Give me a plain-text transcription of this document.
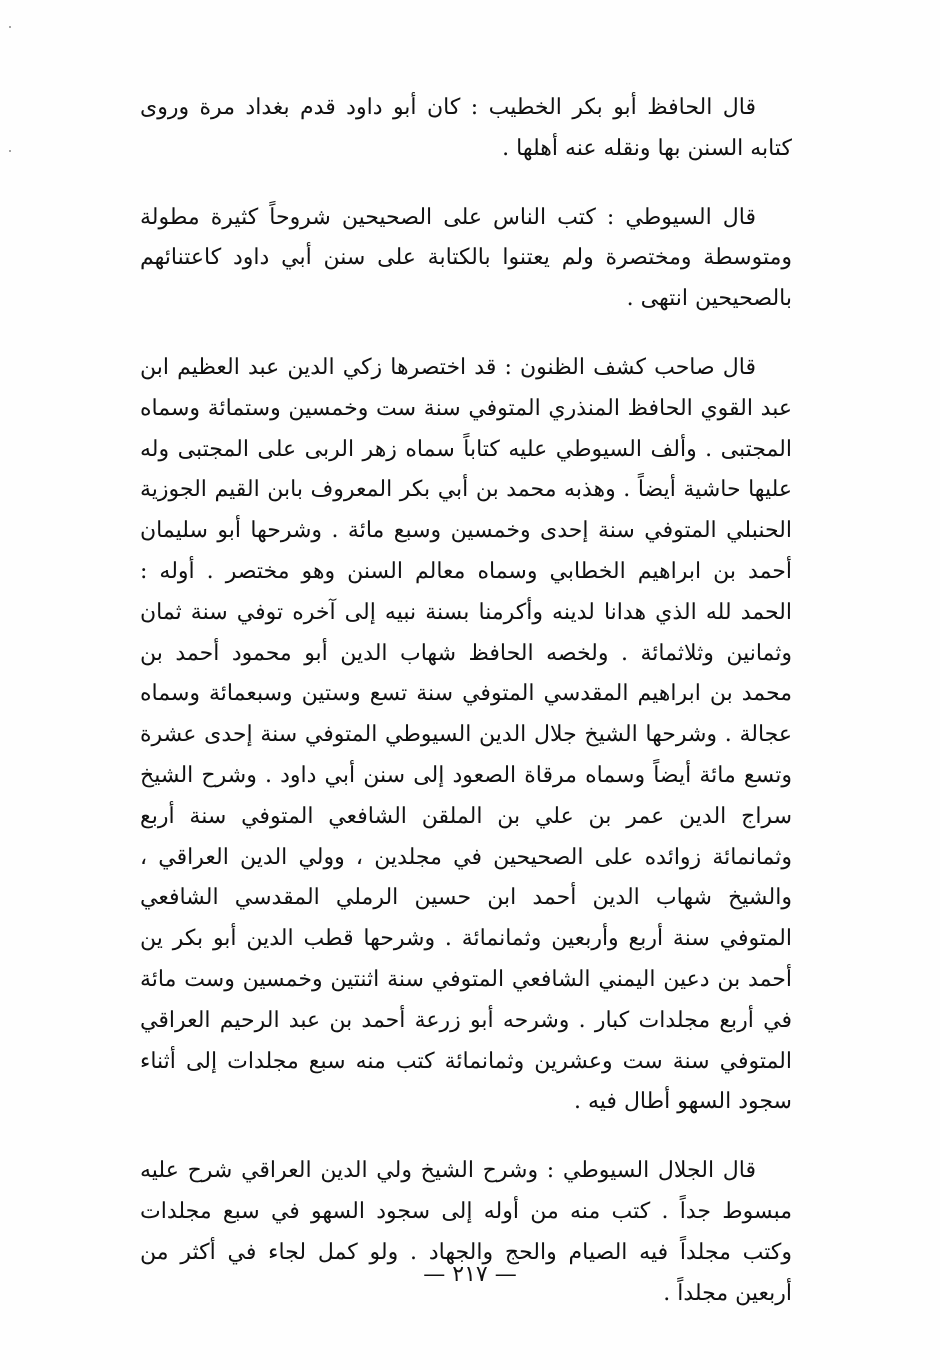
قال الحافظ أبو بكر الخطيب : كان أبو داود قدم بغداد مرة وروى كتابه السنن بها ونقله عنه أهلها .

قال السيوطي : كتب الناس على الصحيحين شروحاً كثيرة مطولة ومتوسطة ومختصرة ولم يعتنوا بالكتابة على سنن أبي داود كاعتنائهم بالصحيحين انتهى .

قال صاحب كشف الظنون : قد اختصرها زكي الدين عبد العظيم ابن عبد القوي الحافظ المنذري المتوفي سنة ست وخمسين وستمائة وسماه المجتبى . وألف السيوطي عليه كتاباً سماه زهر الربى على المجتبى وله عليها حاشية أيضاً . وهذبه محمد بن أبي بكر المعروف بابن القيم الجوزية الحنبلي المتوفي سنة إحدى وخمسين وسبع مائة . وشرحها أبو سليمان أحمد بن ابراهيم الخطابي وسماه معالم السنن وهو مختصر . أوله : الحمد لله الذي هدانا لدينه وأكرمنا بسنة نبيه إلى آخره توفي سنة ثمان وثمانين وثلاثمائة . ولخصه الحافظ شهاب الدين أبو محمود أحمد بن محمد بن ابراهيم المقدسي المتوفي سنة تسع وستين وسبعمائة وسماه عجالة . وشرحها الشيخ جلال الدين السيوطي المتوفي سنة إحدى عشرة وتسع مائة أيضاً وسماه مرقاة الصعود إلى سنن أبي داود . وشرح الشيخ سراج الدين عمر بن علي بن الملقن الشافعي المتوفي سنة أربع وثمانمائة زوائده على الصحيحين في مجلدين ، وولي الدين العراقي ، والشيخ شهاب الدين أحمد ابن حسين الرملي المقدسي الشافعي المتوفي سنة أربع وأربعين وثمانمائة . وشرحها قطب الدين أبو بكر ين أحمد بن دعين اليمني الشافعي المتوفي سنة اثنتين وخمسين وست مائة في أربع مجلدات كبار . وشرحه أبو زرعة أحمد بن عبد الرحيم العراقي المتوفي سنة ست وعشرين وثمانمائة كتب منه سبع مجلدات إلى أثناء سجود السهو أطال فيه .

قال الجلال السيوطي : وشرح الشيخ ولي الدين العراقي شرح عليه مبسوط جداً . كتب منه من أوله إلى سجود السهو في سبع مجلدات وكتب مجلداً فيه الصيام والحج والجهاد . ولو كمل لجاء في أكثر من أربعين مجلداً .

— ٢١٧ —
